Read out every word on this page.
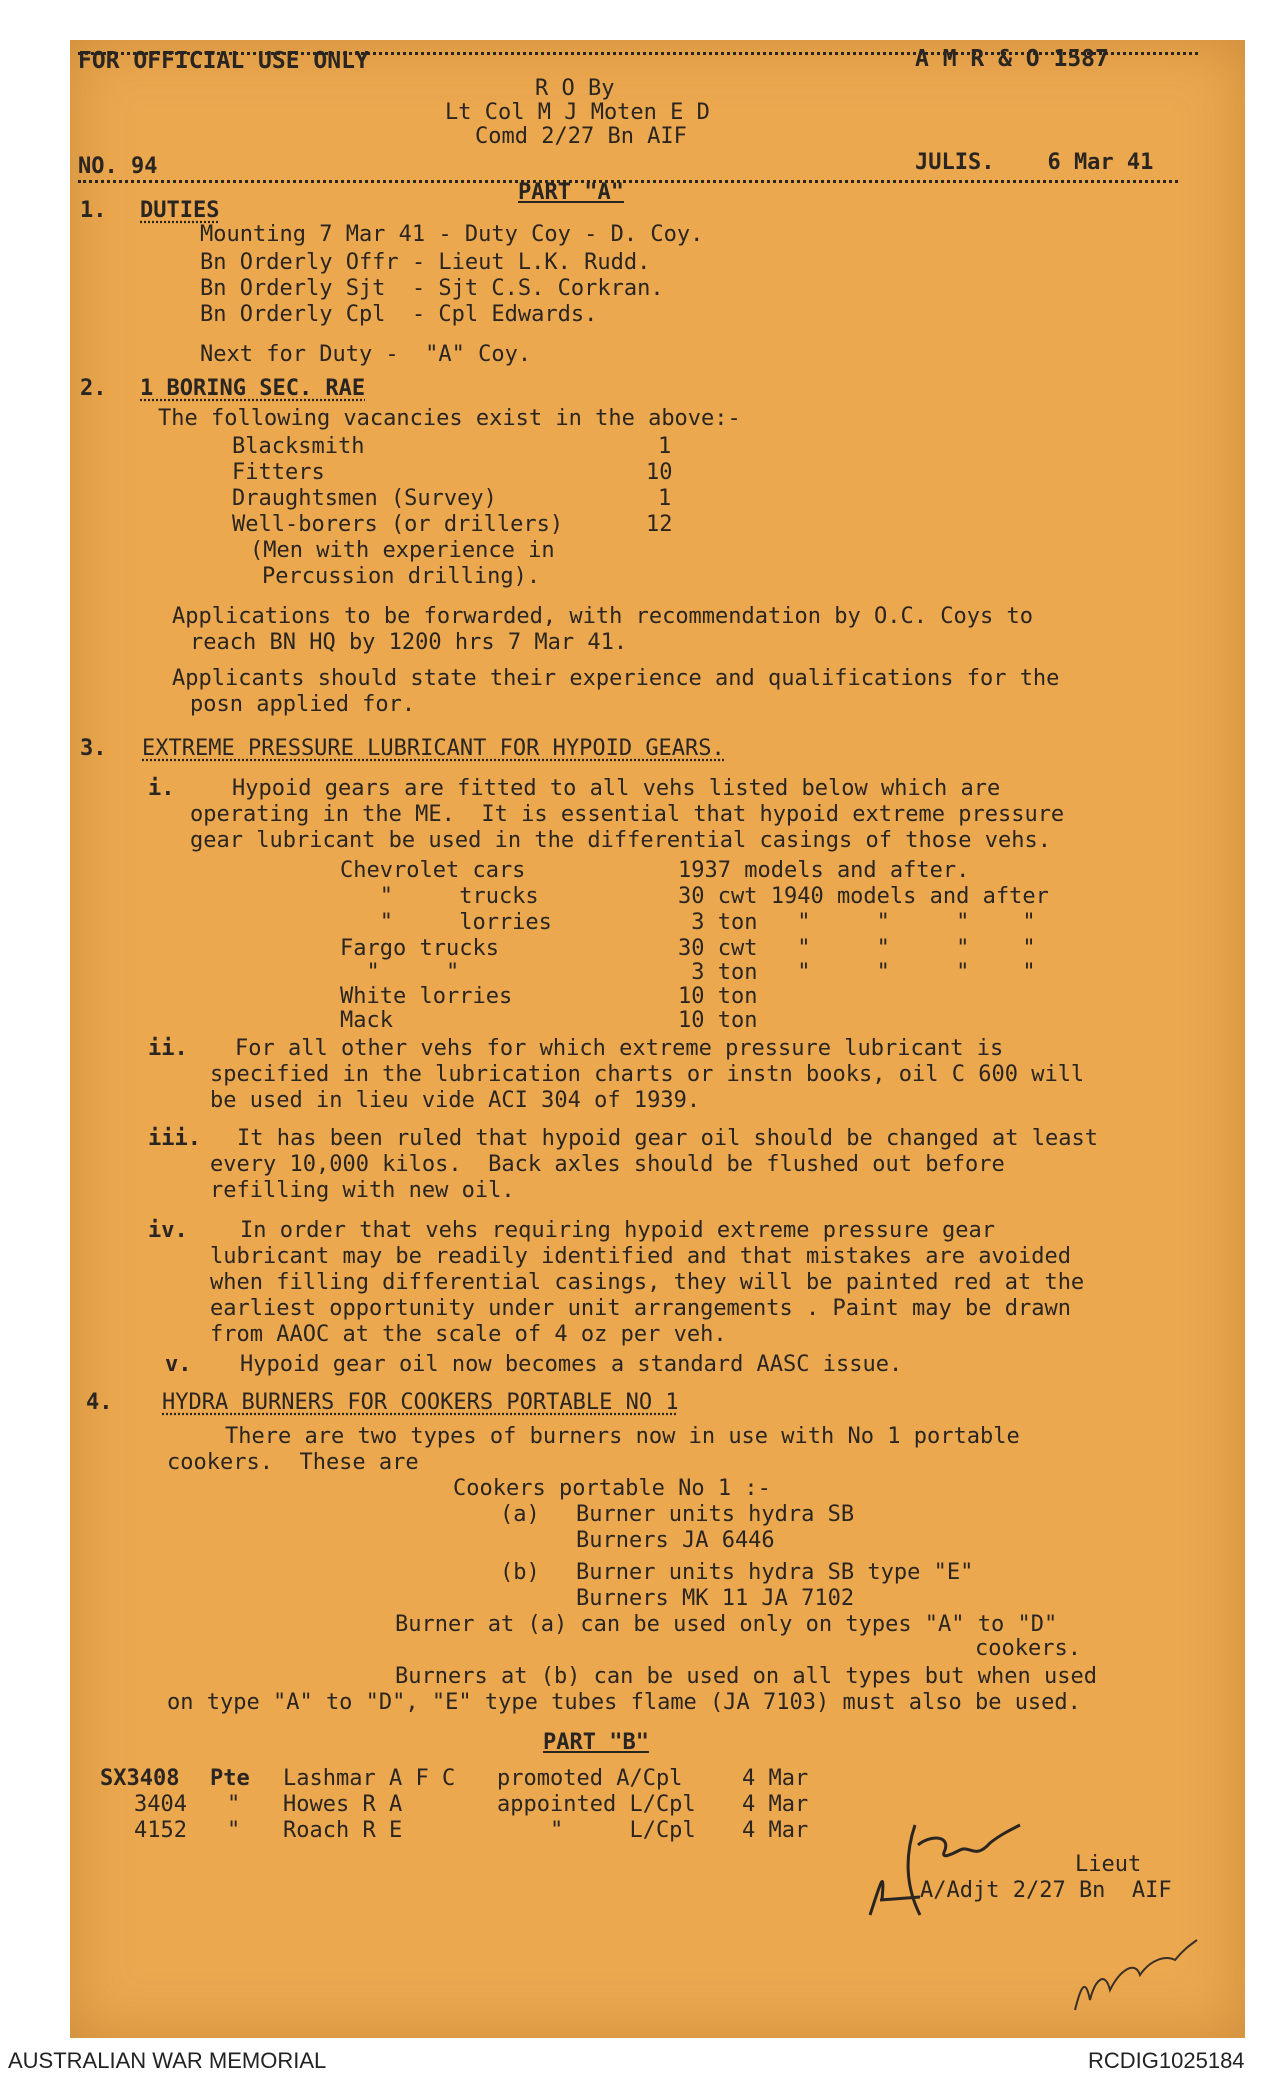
FOR OFFICIAL USE ONLY	A M R & O 1587
R O By
Lt Col M J Moten E D
Comd 2/27 Bn AIF
NO. 94	JULIS.    6 Mar 41
PART "A"
1. DUTIES
Mounting 7 Mar 41 - Duty Coy - D. Coy.
Bn Orderly Offr - Lieut L.K. Rudd.
Bn Orderly Sjt  - Sjt C.S. Corkran.
Bn Orderly Cpl  - Cpl Edwards.
Next for Duty -  "A" Coy.
2. 1 BORING SEC. RAE
The following vacancies exist in the above:-
Blacksmith	1
Fitters	10
Draughtsmen (Survey)	1
Well-borers (or drillers)	12
(Men with experience in
Percussion drilling).
Applications to be forwarded, with recommendation by O.C. Coys to
reach BN HQ by 1200 hrs 7 Mar 41.
Applicants should state their experience and qualifications for the
posn applied for.
3. EXTREME PRESSURE LUBRICANT FOR HYPOID GEARS.
i.	Hypoid gears are fitted to all vehs listed below which are
operating in the ME.  It is essential that hypoid extreme pressure
gear lubricant be used in the differential casings of those vehs.
Chevrolet cars	1937 models and after.
"     trucks	30 cwt 1940 models and after
"     lorries	3 ton   "     "     "    "
Fargo trucks	30 cwt   "     "     "    "
"     "	3 ton   "     "     "    "
White lorries	10 ton
Mack	10 ton
ii. For all other vehs for which extreme pressure lubricant is
specified in the lubrication charts or instn books, oil C 600 will
be used in lieu vide ACI 304 of 1939.
iii. It has been ruled that hypoid gear oil should be changed at least
every 10,000 kilos.  Back axles should be flushed out before
refilling with new oil.
iv. In order that vehs requiring hypoid extreme pressure gear
lubricant may be readily identified and that mistakes are avoided
when filling differential casings, they will be painted red at the
earliest opportunity under unit arrangements . Paint may be drawn
from AAOC at the scale of 4 oz per veh.
v. Hypoid gear oil now becomes a standard AASC issue.
4. HYDRA BURNERS FOR COOKERS PORTABLE NO 1
There are two types of burners now in use with No 1 portable
cookers.  These are
Cookers portable No 1 :-
(a) Burner units hydra SB
Burners JA 6446
(b) Burner units hydra SB type "E"
Burners MK 11 JA 7102
Burner at (a) can be used only on types "A" to "D"
cookers.
Burners at (b) can be used on all types but when used
on type "A" to "D", "E" type tubes flame (JA 7103) must also be used.
PART "B"
SX3408 Pte Lashmar A F C promoted A/Cpl	4 Mar
3404 " Howes R A	appointed L/Cpl 4 Mar
4152 " Roach R E	"     L/Cpl 4 Mar
Lieut
A/Adjt 2/27 Bn  AIF
AUSTRALIAN WAR MEMORIAL	RCDIG1025184
